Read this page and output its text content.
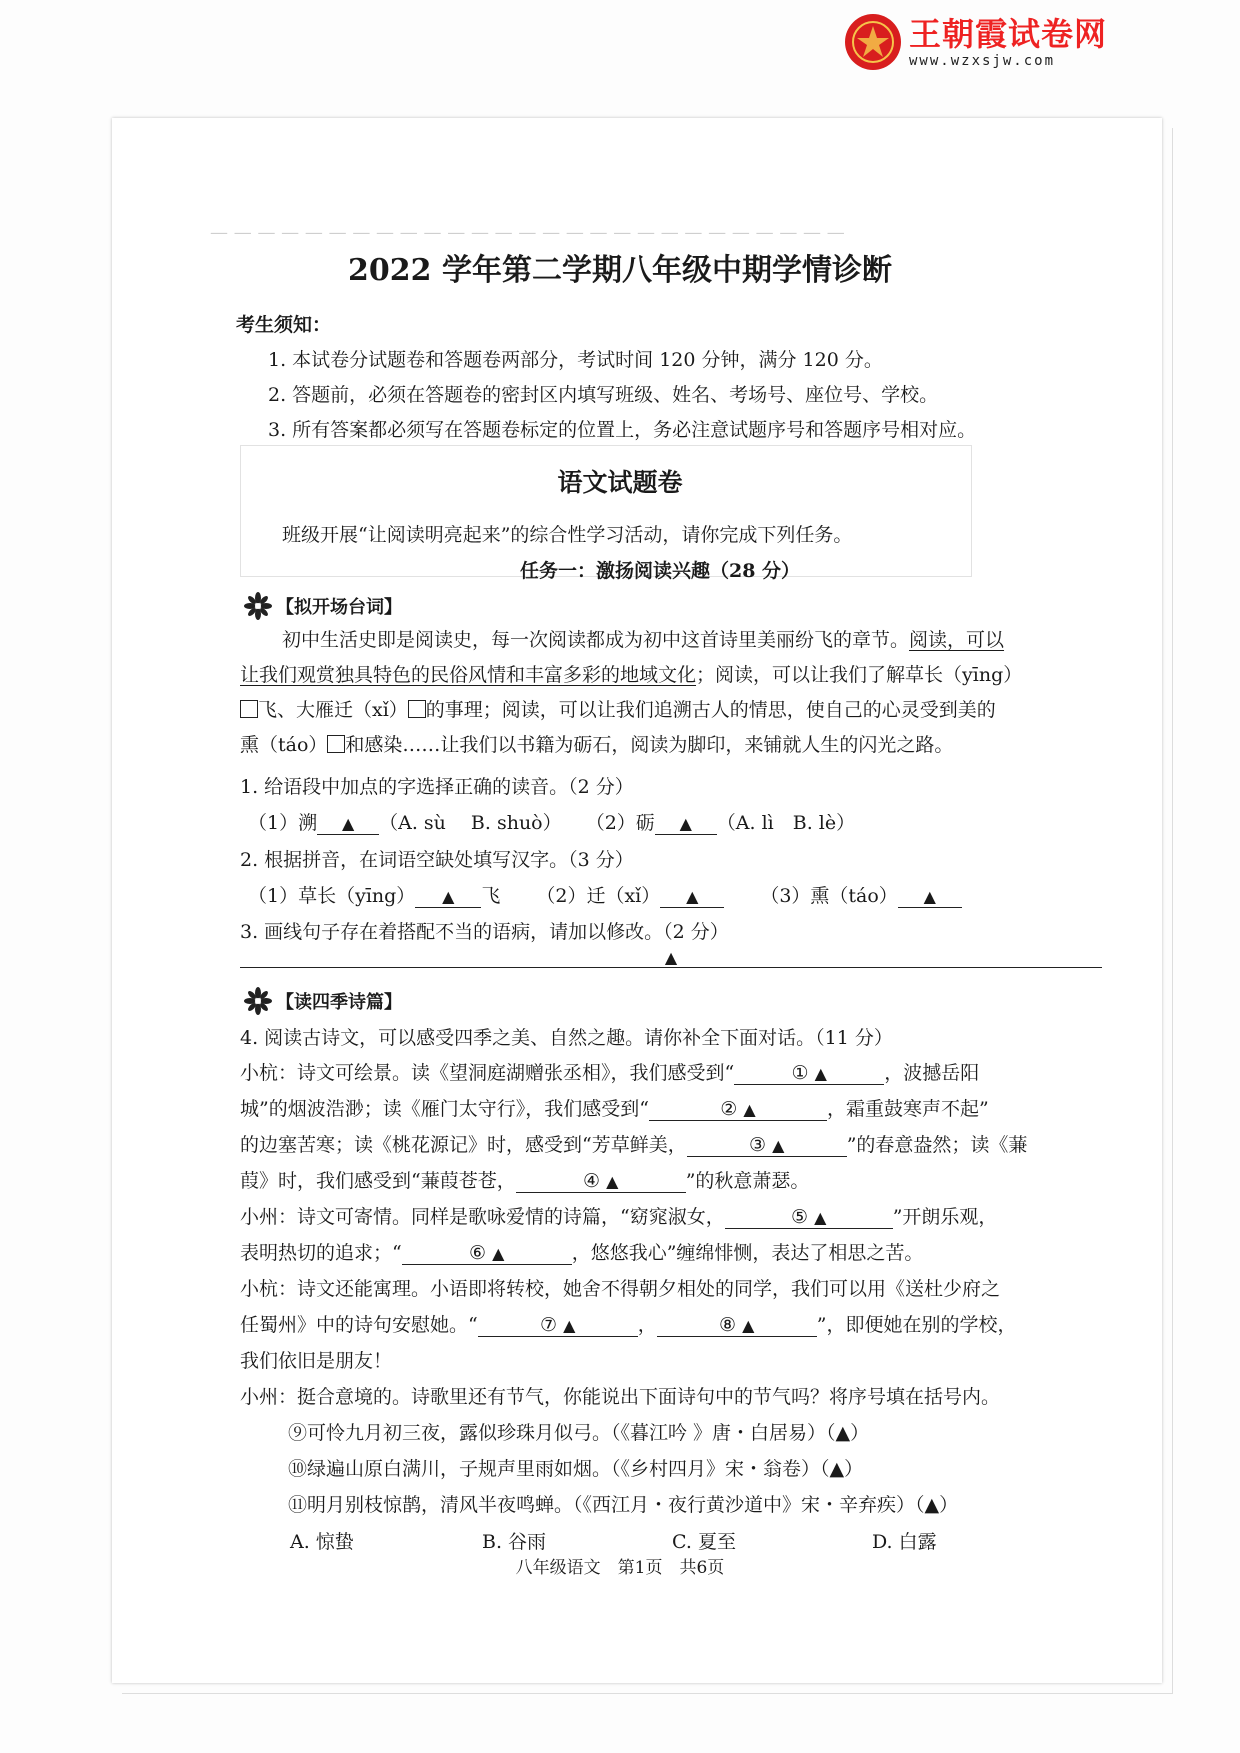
— — — — — — — — — — — — — — — — — — — — — — — — — — —
王朝霞试卷网
www.wzxsjw.com
2022 学年第二学期八年级中期学情诊断
考生须知：
1. 本试卷分试题卷和答题卷两部分，考试时间 120 分钟，满分 120 分。
2. 答题前，必须在答题卷的密封区内填写班级、姓名、考场号、座位号、学校。
3. 所有答案都必须写在答题卷标定的位置上，务必注意试题序号和答题序号相对应。
语文试题卷
班级开展“让阅读明亮起来”的综合性学习活动，请你完成下列任务。
任务一：激扬阅读兴趣（28 分）
【拟开场台词】
初中生活史即是阅读史，每一次阅读都成为初中这首诗里美丽纷飞的章节。阅读，可以
让我们观赏独具特色的民俗风情和丰富多彩的地域文化；阅读，可以让我们了解草长（yīng）
飞、大雁迁（xǐ） 的事理；阅读，可以让我们追溯古人的情思，使自己的心灵受到美的
熏（táo） 和感染……让我们以书籍为砺石，阅读为脚印，来铺就人生的闪光之路。
1. 给语段中加点的字选择正确的读音。（2 分）
（1）溯 ▲ （A. sù　 B. shuò） （2）砺 ▲ （A. lì　B. lè）
2. 根据拼音，在词语空缺处填写汉字。（3 分）
（1）草长（yīng） ▲ 飞 （2）迁（xǐ） ▲	（3）熏（táo） ▲
3. 画线句子存在着搭配不当的语病，请加以修改。（2 分）
▲
【读四季诗篇】
4. 阅读古诗文，可以感受四季之美、自然之趣。请你补全下面对话。（11 分）
小杭：诗文可绘景。读《望洞庭湖赠张丞相》，我们感受到“	① ▲	，波撼岳阳
城”的烟波浩渺；读《雁门太守行》，我们感受到“	② ▲	，霜重鼓寒声不起”
的边塞苦寒；读《桃花源记》时，感受到“芳草鲜美，	③ ▲	”的春意盎然；读《蒹
葭》时，我们感受到“蒹葭苍苍，	④ ▲	”的秋意萧瑟。
小州：诗文可寄情。同样是歌咏爱情的诗篇，“窈窕淑女，	⑤ ▲	”开朗乐观，
表明热切的追求；“	⑥ ▲	，悠悠我心”缠绵悱恻，表达了相思之苦。
小杭：诗文还能寓理。小语即将转校，她舍不得朝夕相处的同学，我们可以用《送杜少府之
任蜀州》中的诗句安慰她。“	⑦ ▲	，	⑧ ▲	”，即便她在别的学校，
我们依旧是朋友！
小州：挺合意境的。诗歌里还有节气，你能说出下面诗句中的节气吗？将序号填在括号内。
⑨可怜九月初三夜，露似珍珠月似弓。（《暮江吟 》唐・白居易）（▲）
⑩绿遍山原白满川，子规声里雨如烟。（《乡村四月》宋・翁卷）（▲）
⑪明月别枝惊鹊，清风半夜鸣蝉。（《西江月・夜行黄沙道中》宋・辛弃疾）（▲）
A. 惊蛰	B. 谷雨	C. 夏至	D. 白露
八年级语文　第1页　共6页
